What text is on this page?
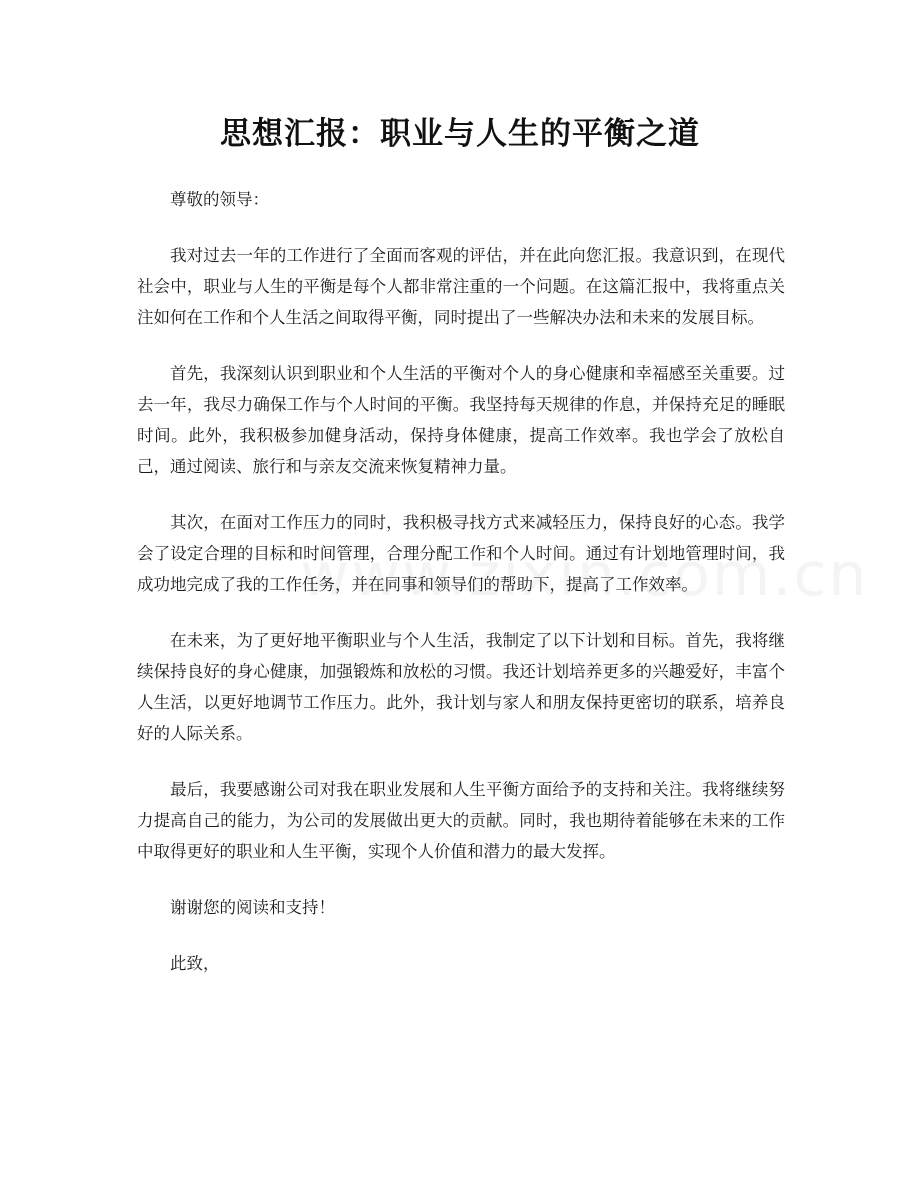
思想汇报：职业与人生的平衡之道

尊敬的领导：

我对过去一年的工作进行了全面而客观的评估，并在此向您汇报。我意识到，在现代社会中，职业与人生的平衡是每个人都非常注重的一个问题。在这篇汇报中，我将重点关注如何在工作和个人生活之间取得平衡，同时提出了一些解决办法和未来的发展目标。

首先，我深刻认识到职业和个人生活的平衡对个人的身心健康和幸福感至关重要。过去一年，我尽力确保工作与个人时间的平衡。我坚持每天规律的作息，并保持充足的睡眠时间。此外，我积极参加健身活动，保持身体健康，提高工作效率。我也学会了放松自己，通过阅读、旅行和与亲友交流来恢复精神力量。

其次，在面对工作压力的同时，我积极寻找方式来减轻压力，保持良好的心态。我学会了设定合理的目标和时间管理，合理分配工作和个人时间。通过有计划地管理时间，我成功地完成了我的工作任务，并在同事和领导们的帮助下，提高了工作效率。

在未来，为了更好地平衡职业与个人生活，我制定了以下计划和目标。首先，我将继续保持良好的身心健康，加强锻炼和放松的习惯。我还计划培养更多的兴趣爱好，丰富个人生活，以更好地调节工作压力。此外，我计划与家人和朋友保持更密切的联系，培养良好的人际关系。

最后，我要感谢公司对我在职业发展和人生平衡方面给予的支持和关注。我将继续努力提高自己的能力，为公司的发展做出更大的贡献。同时，我也期待着能够在未来的工作中取得更好的职业和人生平衡，实现个人价值和潜力的最大发挥。

谢谢您的阅读和支持！

此致，
